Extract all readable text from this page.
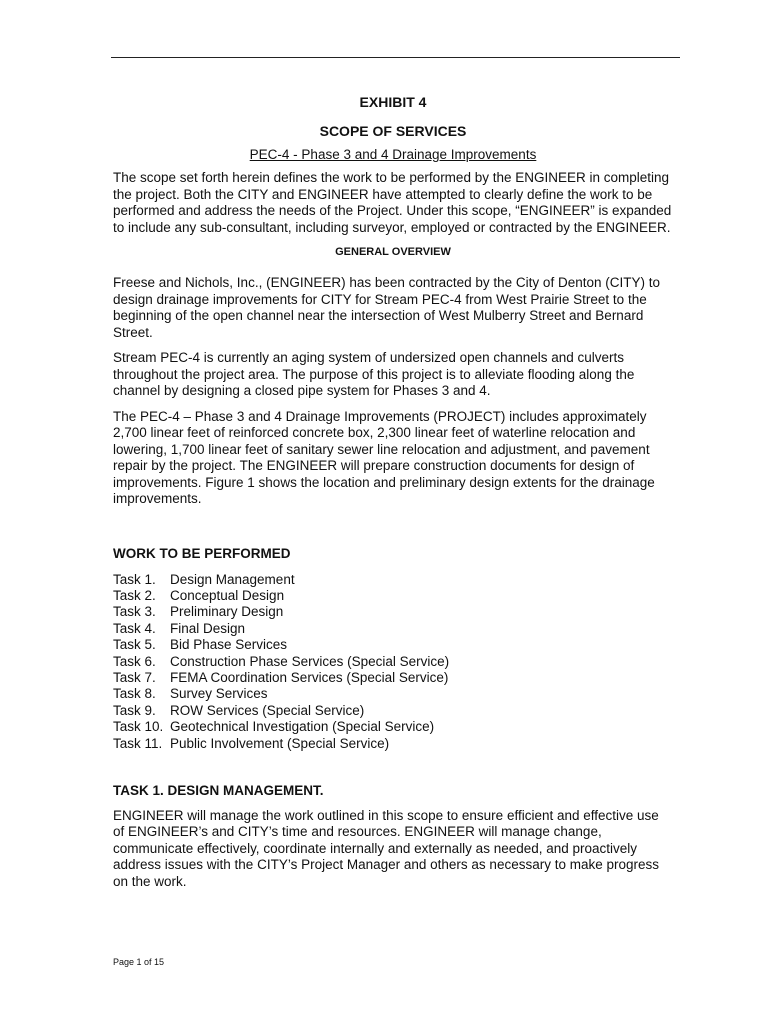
EXHIBIT 4
SCOPE OF SERVICES
PEC-4 - Phase 3 and 4 Drainage Improvements

The scope set forth herein defines the work to be performed by the ENGINEER in completing the project. Both the CITY and ENGINEER have attempted to clearly define the work to be performed and address the needs of the Project. Under this scope, “ENGINEER” is expanded to include any sub-consultant, including surveyor, employed or contracted by the ENGINEER.

GENERAL OVERVIEW

Freese and Nichols, Inc., (ENGINEER) has been contracted by the City of Denton (CITY) to design drainage improvements for CITY for Stream PEC-4 from West Prairie Street to the beginning of the open channel near the intersection of West Mulberry Street and Bernard Street.

Stream PEC-4 is currently an aging system of undersized open channels and culverts throughout the project area. The purpose of this project is to alleviate flooding along the channel by designing a closed pipe system for Phases 3 and 4.

The PEC-4 – Phase 3 and 4 Drainage Improvements (PROJECT) includes approximately 2,700 linear feet of reinforced concrete box, 2,300 linear feet of waterline relocation and lowering, 1,700 linear feet of sanitary sewer line relocation and adjustment, and pavement repair by the project. The ENGINEER will prepare construction documents for design of improvements. Figure 1 shows the location and preliminary design extents for the drainage improvements.

WORK TO BE PERFORMED
Task 1.	Design Management
Task 2.	Conceptual Design
Task 3.	Preliminary Design
Task 4.	Final Design
Task 5.	Bid Phase Services
Task 6.	Construction Phase Services (Special Service)
Task 7.	FEMA Coordination Services (Special Service)
Task 8.	Survey Services
Task 9.	ROW Services (Special Service)
Task 10. Geotechnical Investigation (Special Service)
Task 11. Public Involvement (Special Service)
TASK 1. DESIGN MANAGEMENT.

ENGINEER will manage the work outlined in this scope to ensure efficient and effective use of ENGINEER’s and CITY’s time and resources. ENGINEER will manage change, communicate effectively, coordinate internally and externally as needed, and proactively address issues with the CITY’s Project Manager and others as necessary to make progress on the work.

Page 1 of 15
